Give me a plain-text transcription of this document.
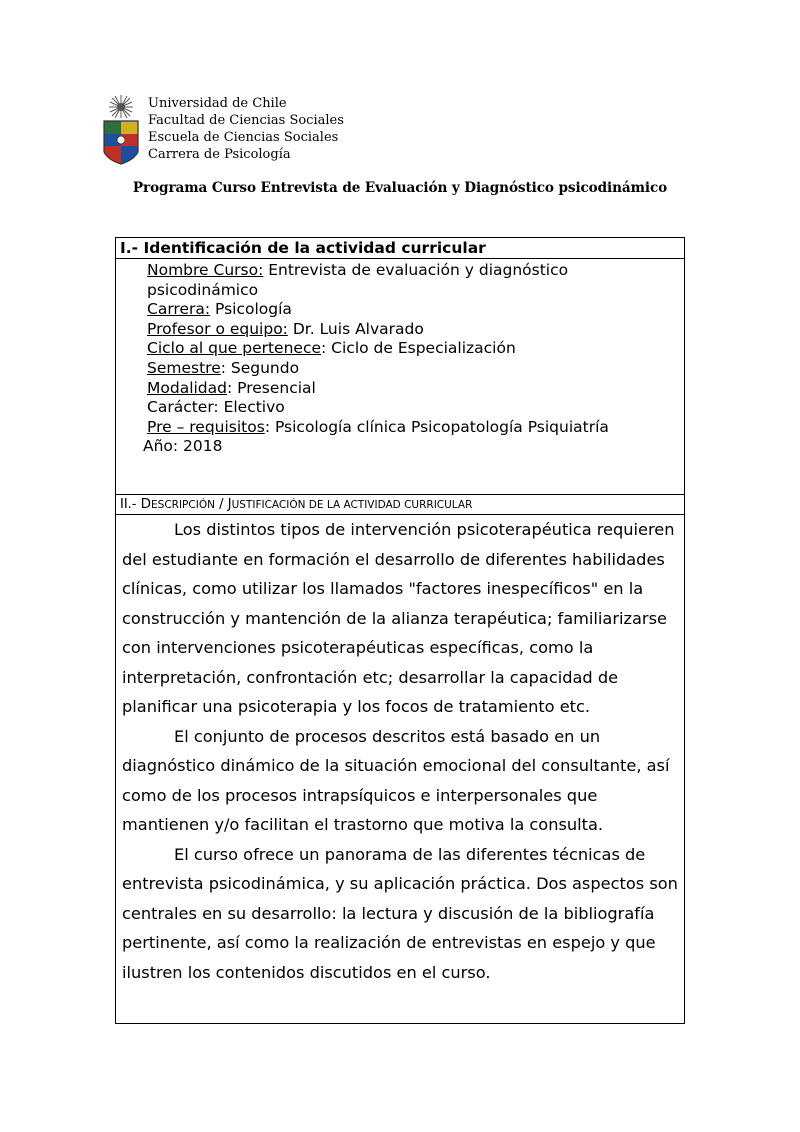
Universidad de Chile
Facultad de Ciencias Sociales
Escuela de Ciencias Sociales
Carrera de Psicología
Programa Curso Entrevista de Evaluación y Diagnóstico psicodinámico
I.- Identificación de la actividad curricular
Nombre Curso: Entrevista de evaluación y diagnóstico
psicodinámico
Carrera: Psicología
Profesor o equipo: Dr. Luis Alvarado
Ciclo al que pertenece: Ciclo de Especialización
Semestre: Segundo
Modalidad: Presencial
Carácter: Electivo
Pre – requisitos: Psicología clínica Psicopatología Psiquiatría
Año: 2018
II.- DESCRIPCIÓN / JUSTIFICACIÓN DE LA ACTIVIDAD CURRICULAR

Los distintos tipos de intervención psicoterapéutica requieren
del estudiante en formación el desarrollo de diferentes habilidades
clínicas, como utilizar los llamados "factores inespecíficos" en la
construcción y mantención de la alianza terapéutica; familiarizarse
con intervenciones psicoterapéuticas específicas, como la
interpretación, confrontación etc; desarrollar la capacidad de
planificar una psicoterapia y los focos de tratamiento etc.

El conjunto de procesos descritos está basado en un
diagnóstico dinámico de la situación emocional del consultante, así
como de los procesos intrapsíquicos e interpersonales que
mantienen y/o facilitan el trastorno que motiva la consulta.

El curso ofrece un panorama de las diferentes técnicas de
entrevista psicodinámica, y su aplicación práctica. Dos aspectos son
centrales en su desarrollo: la lectura y discusión de la bibliografía
pertinente, así como la realización de entrevistas en espejo y que
ilustren los contenidos discutidos en el curso.
